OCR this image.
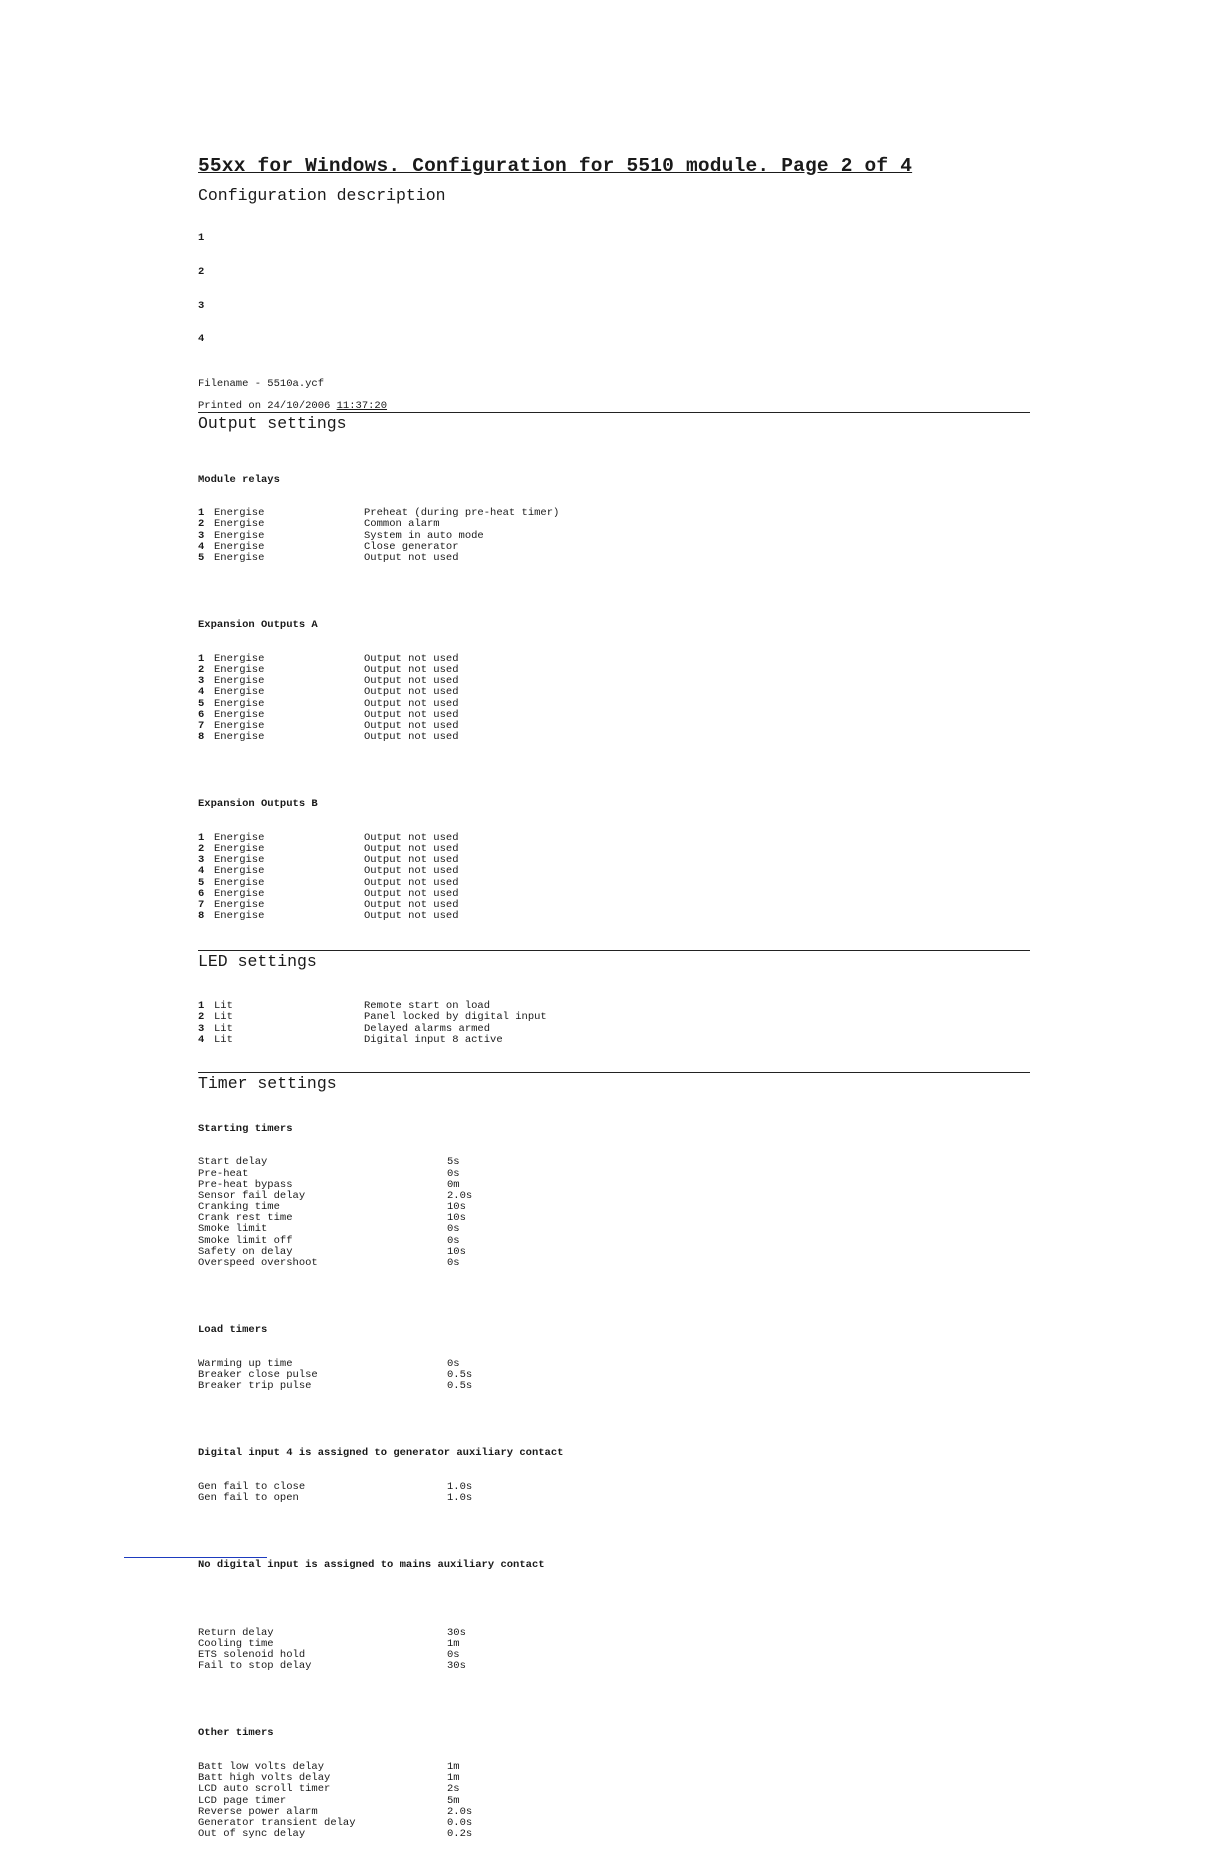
55xx for Windows. Configuration for 5510 module. Page 2 of 4
Configuration description

1

2

3

4

Filename - 5510a.ycf
Printed on 24/10/2006 11:37:20
Output settings

Module relays

1 Energise	Preheat (during pre-heat timer)
2 Energise	Common alarm
3 Energise	System in auto mode
4 Energise	Close generator
5 Energise	Output not used

Expansion Outputs A

1 Energise	Output not used
2 Energise	Output not used
3 Energise	Output not used
4 Energise	Output not used
5 Energise	Output not used
6 Energise	Output not used
7 Energise	Output not used
8 Energise	Output not used

Expansion Outputs B

1 Energise	Output not used
2 Energise	Output not used
3 Energise	Output not used
4 Energise	Output not used
5 Energise	Output not used
6 Energise	Output not used
7 Energise	Output not used
8 Energise	Output not used

LED settings

1 Lit	Remote start on load
2 Lit	Panel locked by digital input
3 Lit	Delayed alarms armed
4 Lit	Digital input 8 active

Timer settings

Starting timers

Start delay	5s
Pre-heat	0s
Pre-heat bypass	0m
Sensor fail delay	2.0s
Cranking time	10s
Crank rest time	10s
Smoke limit	0s
Smoke limit off	0s
Safety on delay	10s
Overspeed overshoot	0s

Load timers

Warming up time	0s
Breaker close pulse	0.5s
Breaker trip pulse	0.5s

Digital input 4 is assigned to generator auxiliary contact

Gen fail to close	1.0s
Gen fail to open	1.0s

No digital input is assigned to mains auxiliary contact

Return delay	30s
Cooling time	1m
ETS solenoid hold	0s
Fail to stop delay	30s

Other timers

Batt low volts delay	1m
Batt high volts delay	1m
LCD auto scroll timer	2s
LCD page timer	5m
Reverse power alarm	2.0s
Generator transient delay	0.0s
Out of sync delay	0.2s
